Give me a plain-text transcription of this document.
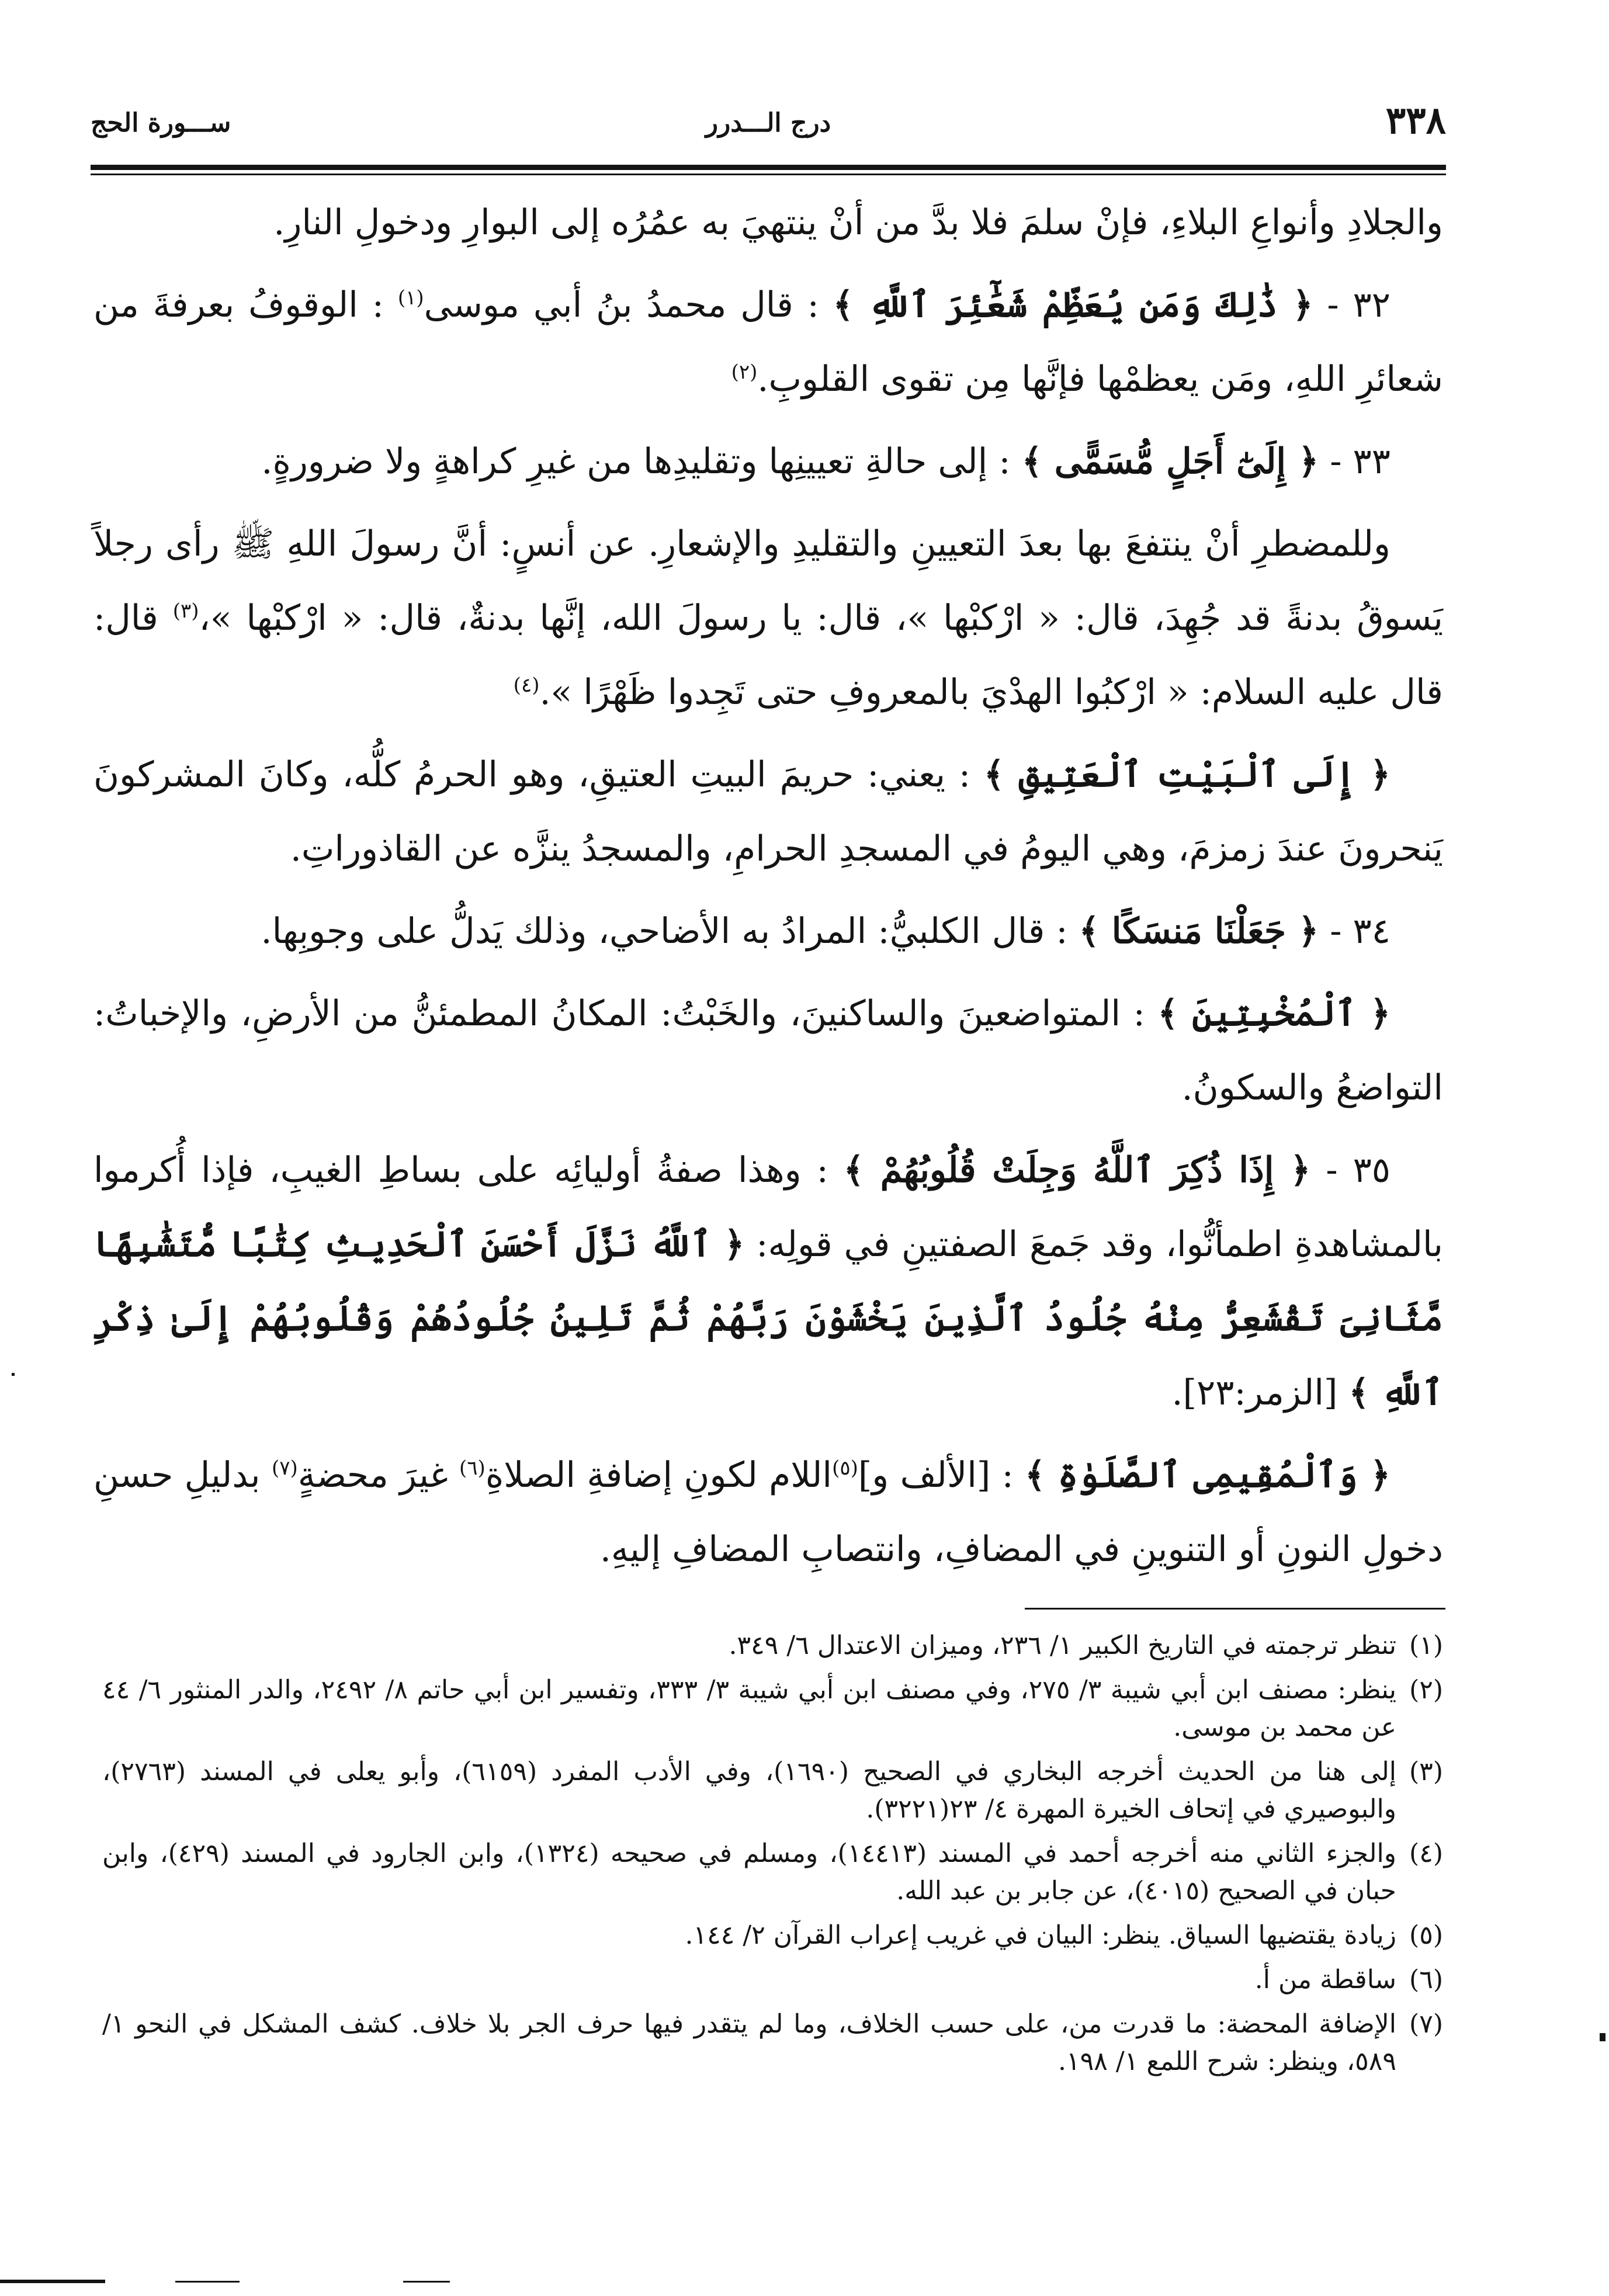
٣٣٨
درج الـــدرر
ســـورة الحج

والجلادِ وأنواعِ البلاءِ، فإنْ سلمَ فلا بدَّ من أنْ ينتهيَ به عمُرُه إلى البوارِ ودخولِ النارِ.

٣٢ - ﴿ ذَٰلِكَ وَمَن يُعَظِّمْ شَعَٰٓئِرَ ٱللَّهِ ﴾ : قال محمدُ بنُ أبي موسى$^{(١)}$ : الوقوفُ بعرفةَ من شعائرِ اللهِ، ومَن يعظمْها فإنَّها مِن تقوى القلوبِ.$^{(٢)}$

٣٣ - ﴿ إِلَىٰٓ أَجَلٍ مُّسَمًّى ﴾ : إلى حالةِ تعيينِها وتقليدِها من غيرِ كراهةٍ ولا ضرورةٍ.

وللمضطرِ أنْ ينتفعَ بها بعدَ التعيينِ والتقليدِ والإشعارِ. عن أنسٍ: أنَّ رسولَ اللهِ ﷺ رأى رجلاً يَسوقُ بدنةً قد جُهِدَ، قال: « ارْكبْها »، قال: يا رسولَ الله، إنَّها بدنةٌ، قال: « ارْكبْها »،$^{(٣)}$ قال: قال عليه السلام: « ارْكبُوا الهدْيَ بالمعروفِ حتى تَجِدوا ظَهْرًا ».$^{(٤)}$

﴿ إِلَى ٱلْبَيْتِ ٱلْعَتِيقِ ﴾ : يعني: حريمَ البيتِ العتيقِ، وهو الحرمُ كلُّه، وكانَ المشركونَ يَنحرونَ عندَ زمزمَ، وهي اليومُ في المسجدِ الحرامِ، والمسجدُ ينزَّه عن القاذوراتِ.

٣٤ - ﴿ جَعَلْنَا مَنسَكًا ﴾ : قال الكلبيُّ: المرادُ به الأضاحي، وذلك يَدلُّ على وجوبِها.

﴿ ٱلْمُخْبِتِينَ ﴾ : المتواضعينَ والساكنينَ، والخَبْتُ: المكانُ المطمئنُّ من الأرضِ، والإخباتُ: التواضعُ والسكونُ.

٣٥ - ﴿ إِذَا ذُكِرَ ٱللَّهُ وَجِلَتْ قُلُوبُهُمْ ﴾ : وهذا صفةُ أوليائِه على بساطِ الغيبِ، فإذا أُكرموا بالمشاهدةِ اطمأنُّوا، وقد جَمعَ الصفتينِ في قولِه: ﴿ ٱللَّهُ نَزَّلَ أَحْسَنَ ٱلْحَدِيثِ كِتَٰبًا مُّتَشَٰبِهًا مَّثَانِىَ تَقْشَعِرُّ مِنْهُ جُلُودُ ٱلَّذِينَ يَخْشَوْنَ رَبَّهُمْ ثُمَّ تَلِينُ جُلُودُهُمْ وَقُلُوبُهُمْ إِلَىٰ ذِكْرِ ٱللَّهِ ﴾ [الزمر:٢٣].

﴿ وَٱلْمُقِيمِى ٱلصَّلَوٰةِ ﴾ : [الألف و]$^{(٥)}$اللام لكونِ إضافةِ الصلاةِ$^{(٦)}$ غيرَ محضةٍ$^{(٧)}$ بدليلِ حسنِ دخولِ النونِ أو التنوينِ في المضافِ، وانتصابِ المضافِ إليهِ.

(١)تنظر ترجمته في التاريخ الكبير ١/ ٢٣٦، وميزان الاعتدال ٦/ ٣٤٩.

(٢)ينظر: مصنف ابن أبي شيبة ٣/ ٢٧٥، وفي مصنف ابن أبي شيبة ٣/ ٣٣٣، وتفسير ابن أبي حاتم ٨/ ٢٤٩٢، والدر المنثور ٦/ ٤٤ عن محمد بن موسى.

(٣)إلى هنا من الحديث أخرجه البخاري في الصحيح (١٦٩٠)، وفي الأدب المفرد (٦١٥٩)، وأبو يعلى في المسند (٢٧٦٣)، والبوصيري في إتحاف الخيرة المهرة ٤/ ٢٣(٣٢٢١).

(٤)والجزء الثاني منه أخرجه أحمد في المسند (١٤٤١٣)، ومسلم في صحيحه (١٣٢٤)، وابن الجارود في المسند (٤٢٩)، وابن حبان في الصحيح (٤٠١٥)، عن جابر بن عبد الله.

(٥)زيادة يقتضيها السياق. ينظر: البيان في غريب إعراب القرآن ٢/ ١٤٤.

(٦)ساقطة من أ.

(٧)الإضافة المحضة: ما قدرت من، على حسب الخلاف، وما لم يتقدر فيها حرف الجر بلا خلاف. كشف المشكل في النحو ١/ ٥٨٩، وينظر: شرح اللمع ١/ ١٩٨.
